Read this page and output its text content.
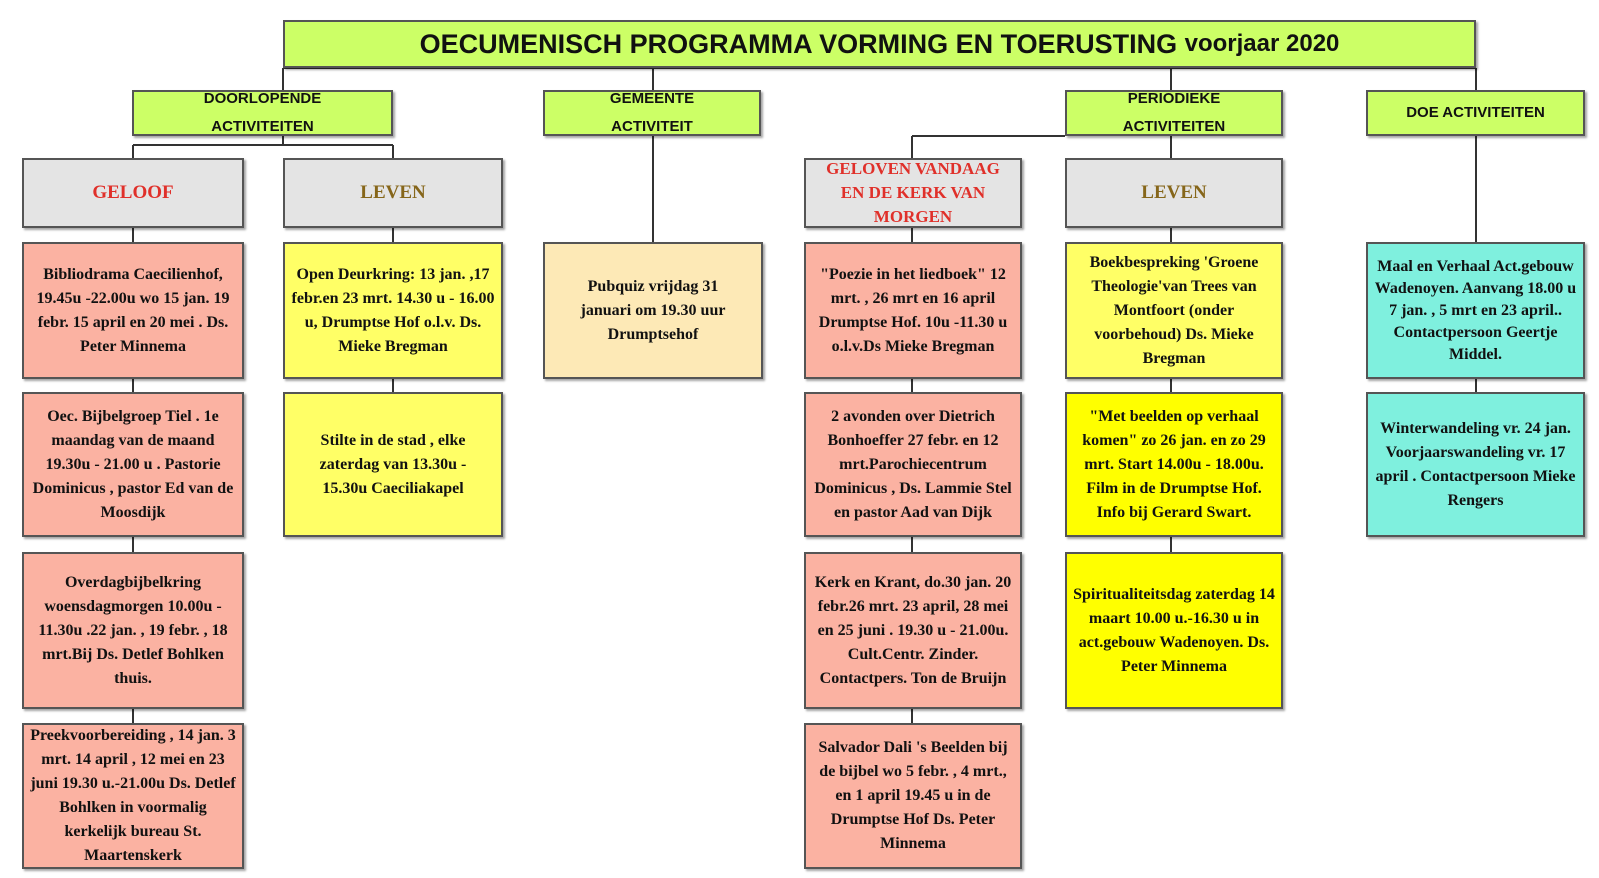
OECUMENISCH PROGRAMMA VORMING EN TOERUSTING
voorjaar 2020
DOORLOPENDE ACTIVITEITEN
GEMEENTE ACTIVITEIT
PERIODIEKE ACTIVITEITEN
DOE ACTIVITEITEN
GELOOF	LEVEN
GELOVEN VANDAAG EN DE KERK VAN MORGEN
LEVEN
Bibliodrama Caecilienhof, 19.45u -22.00u wo 15 jan. 19 febr. 15 april en 20 mei . Ds. Peter Minnema
Oec. Bijbelgroep Tiel . 1e maandag van de maand 19.30u - 21.00 u . Pastorie Dominicus , pastor Ed van de Moosdijk
Overdagbijbelkring woensdagmorgen 10.00u - 11.30u .22 jan. , 19 febr. , 18 mrt.Bij Ds. Detlef Bohlken thuis.
Preekvoorbereiding , 14 jan. 3 mrt. 14 april , 12 mei en 23 juni 19.30 u.-21.00u Ds. Detlef Bohlken in voormalig kerkelijk bureau St. Maartenskerk
Open Deurkring: 13 jan. ,17 febr.en 23 mrt. 14.30 u - 16.00 u, Drumptse Hof o.l.v. Ds. Mieke Bregman
Stilte in de stad , elke zaterdag van 13.30u - 15.30u Caeciliakapel
Pubquiz vrijdag 31 januari om 19.30 uur Drumptsehof
"Poezie in het liedboek" 12 mrt. , 26 mrt en 16 april Drumptse Hof. 10u -11.30 u o.l.v.Ds Mieke Bregman
2 avonden over Dietrich Bonhoeffer 27 febr. en 12 mrt.Parochiecentrum Dominicus , Ds. Lammie Stel en pastor Aad van Dijk
Kerk en Krant, do.30 jan. 20 febr.26 mrt. 23 april, 28 mei en 25 juni . 19.30 u - 21.00u. Cult.Centr. Zinder. Contactpers. Ton de Bruijn
Salvador Dali 's Beelden bij de bijbel wo 5 febr. , 4 mrt., en 1 april 19.45 u in de Drumptse Hof Ds. Peter Minnema
Boekbespreking 'Groene Theologie'van Trees van Montfoort (onder voorbehoud) Ds. Mieke Bregman
"Met beelden op verhaal komen" zo 26 jan. en zo 29 mrt. Start 14.00u - 18.00u. Film in de Drumptse Hof. Info bij Gerard Swart.
Spiritualiteitsdag zaterdag 14 maart 10.00 u.-16.30 u in act.gebouw Wadenoyen. Ds. Peter Minnema
Maal en Verhaal Act.gebouw Wadenoyen. Aanvang 18.00 u 7 jan. , 5 mrt en 23 april.. Contactpersoon Geertje Middel.
Winterwandeling vr. 24 jan. Voorjaarswandeling vr. 17 april . Contactpersoon Mieke Rengers
